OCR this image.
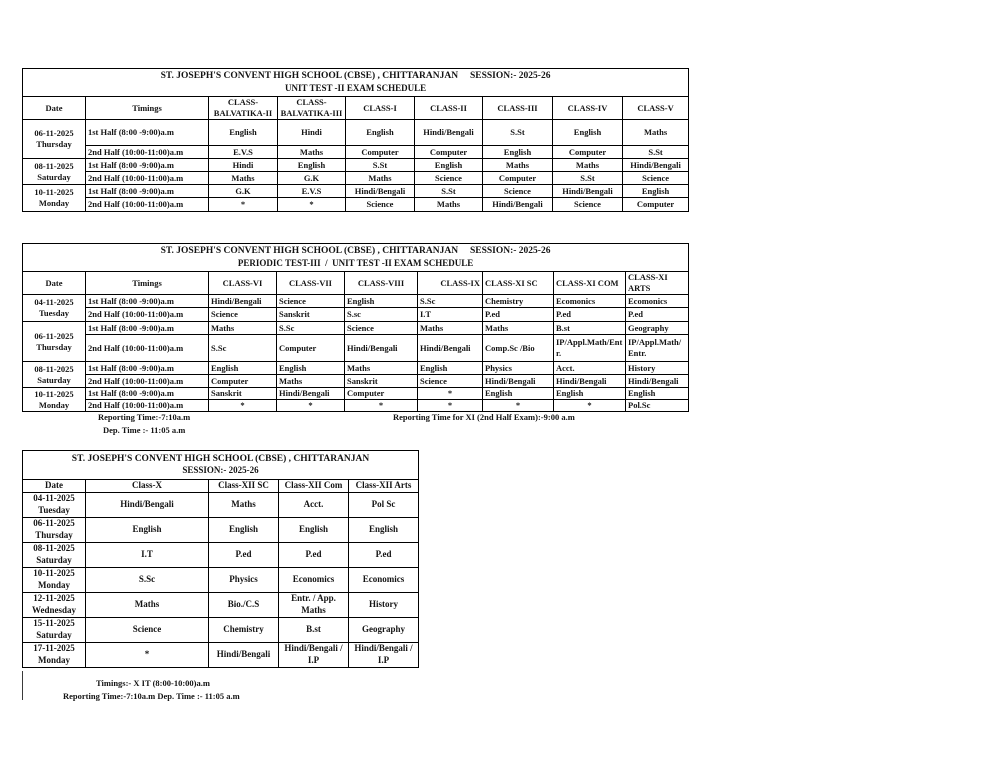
ST. JOSEPH'S CONVENT HIGH SCHOOL (CBSE) , CHITTARANJAN     SESSION:- 2025-26
UNIT TEST -II EXAM SCHEDULE								

Date	Timings	CLASS-BALVATIKA-II	CLASS-BALVATIKA-III	CLASS-I	CLASS-II	CLASS-III	CLASS-IV	CLASS-V

06-11-2025
Thursday	1st Half (8:00 -9:00)a.m	English	Hindi	English	Hindi/Bengali	S.St	English	Maths
	2nd Half (10:00-11:00)a.m	E.V.S	Maths	Computer	Computer	English	Computer	S.St

08-11-2025
Saturday	1st Half (8:00 -9:00)a.m	Hindi	English	S.St	English	Maths	Maths	Hindi/Bengali
	2nd Half (10:00-11:00)a.m	Maths	G.K	Maths	Science	Computer	S.St	Science

10-11-2025
Monday	1st Half (8:00 -9:00)a.m	G.K	E.V.S	Hindi/Bengali	S.St	Science	Hindi/Bengali	English
	2nd Half (10:00-11:00)a.m	*	*	Science	Maths	Hindi/Bengali	Science	Computer
ST. JOSEPH'S CONVENT HIGH SCHOOL (CBSE) , CHITTARANJAN     SESSION:- 2025-26
PERIODIC TEST-III  /  UNIT TEST -II EXAM SCHEDULE								

Date	Timings	CLASS-VI	CLASS-VII	CLASS-VIII	CLASS-IX	CLASS-XI SC	CLASS-XI COM	CLASS-XI ARTS

04-11-2025
Tuesday	1st Half (8:00 -9:00)a.m	Hindi/Bengali	Science	English	S.Sc	Chemistry	Ecomonics	Ecomonics
	2nd Half (10:00-11:00)a.m	Science	Sanskrit	S.sc	I.T	P.ed	P.ed	P.ed

06-11-2025
Thursday	1st Half (8:00 -9:00)a.m	Maths	S.Sc	Science	Maths	Maths	B.st	Geography
	2nd Half (10:00-11:00)a.m	S.Sc	Computer	Hindi/Bengali	Hindi/Bengali	Comp.Sc /Bio	IP/Appl.Math/Entr.	IP/Appl.Math/Entr.

08-11-2025
Saturday	1st Half (8:00 -9:00)a.m	English	English	Maths	English	Physics	Acct.	History
	2nd Half (10:00-11:00)a.m	Computer	Maths	Sanskrit	Science	Hindi/Bengali	Hindi/Bengali	Hindi/Bengali

10-11-2025
Monday	1st Half (8:00 -9:00)a.m	Sanskrit	Hindi/Bengali	Computer	*	English	English	English
	2nd Half (10:00-11:00)a.m	*	*	*	*	*	*	Pol.Sc
ST. JOSEPH'S CONVENT HIGH SCHOOL (CBSE) , CHITTARANJAN
SESSION:- 2025-26				

Date	Class-X	Class-XII SC	Class-XII Com	Class-XII Arts

04-11-2025
Tuesday	Hindi/Bengali	Maths	Acct.	Pol Sc

06-11-2025
Thursday	English	English	English	English

08-11-2025
Saturday	I.T	P.ed	P.ed	P.ed

10-11-2025
Monday	S.Sc	Physics	Economics	Economics

12-11-2025
Wednesday	Maths	Bio./C.S	Entr. / App. Maths	History

15-11-2025
Saturday	Science	Chemistry	B.st	Geography

17-11-2025
Monday	*	Hindi/Bengali	Hindi/Bengali / I.P	Hindi/Bengali / I.P
Reporting Time:-7:10a.m
Dep. Time :- 11:05 a.m
Reporting Time for XI (2nd Half Exam):-9:00 a.m
Timings:- X IT (8:00-10:00)a.m
Reporting Time:-7:10a.m Dep. Time :- 11:05 a.m
